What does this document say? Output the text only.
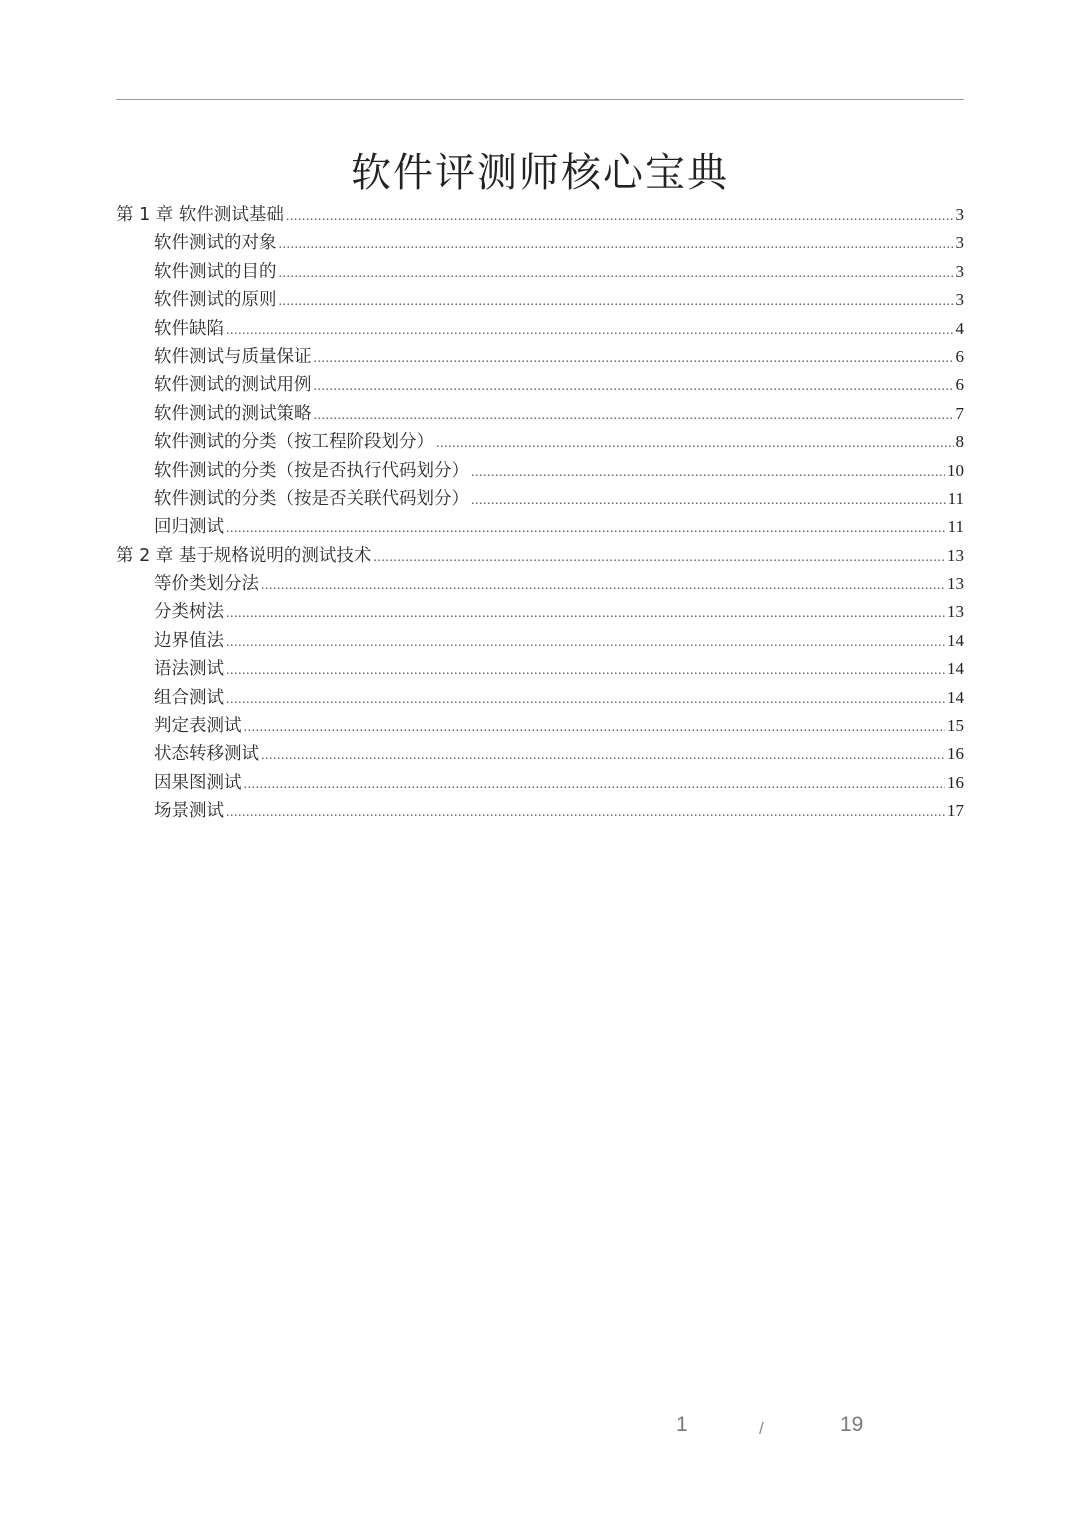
软件评测师核心宝典
第 1 章 软件测试基础 .....	3
软件测试的对象 .....	3
软件测试的目的 .....	3
软件测试的原则 .....	3
软件缺陷 .....	4
软件测试与质量保证 .....	6
软件测试的测试用例 .....	6
软件测试的测试策略 .....	7
软件测试的分类（按工程阶段划分） .....	8
软件测试的分类（按是否执行代码划分） .....	10
软件测试的分类（按是否关联代码划分） .....	11
回归测试 .....	11
第 2 章 基于规格说明的测试技术 .....	13
等价类划分法 .....	13
分类树法 .....	13
边界值法 .....	14
语法测试 .....	14
组合测试 .....	14
判定表测试 .....	15
状态转移测试 .....	16
因果图测试 .....	16
场景测试 .....	17
1	/	19
